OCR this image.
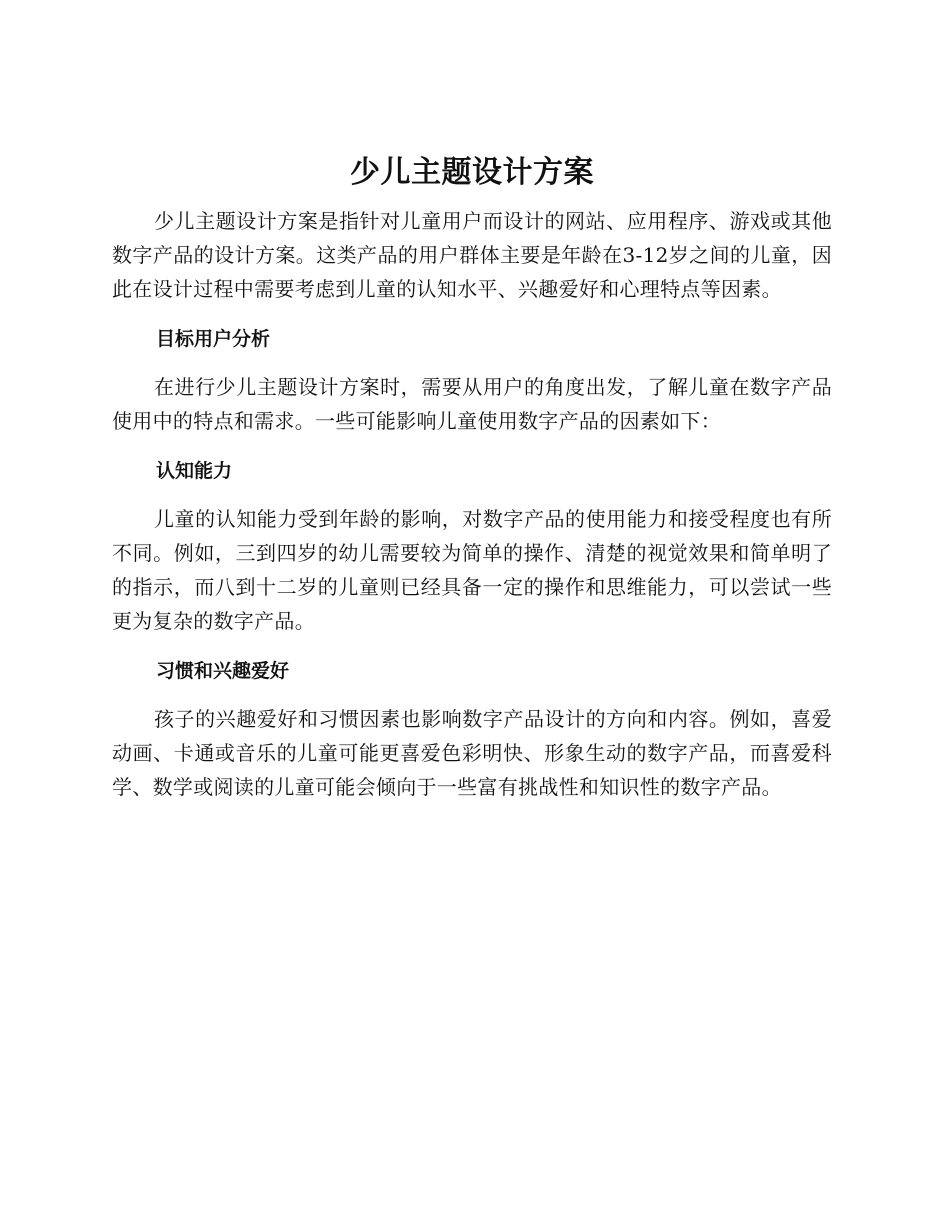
少儿主题设计方案

少儿主题设计方案是指针对儿童用户而设计的网站、应用程序、游戏或其他数字产品的设计方案。这类产品的用户群体主要是年龄在3-12岁之间的儿童，因此在设计过程中需要考虑到儿童的认知水平、兴趣爱好和心理特点等因素。

目标用户分析

在进行少儿主题设计方案时，需要从用户的角度出发，了解儿童在数字产品使用中的特点和需求。一些可能影响儿童使用数字产品的因素如下：

认知能力

儿童的认知能力受到年龄的影响，对数字产品的使用能力和接受程度也有所不同。例如，三到四岁的幼儿需要较为简单的操作、清楚的视觉效果和简单明了的指示，而八到十二岁的儿童则已经具备一定的操作和思维能力，可以尝试一些更为复杂的数字产品。

习惯和兴趣爱好

孩子的兴趣爱好和习惯因素也影响数字产品设计的方向和内容。例如，喜爱动画、卡通或音乐的儿童可能更喜爱色彩明快、形象生动的数字产品，而喜爱科学、数学或阅读的儿童可能会倾向于一些富有挑战性和知识性的数字产品。
